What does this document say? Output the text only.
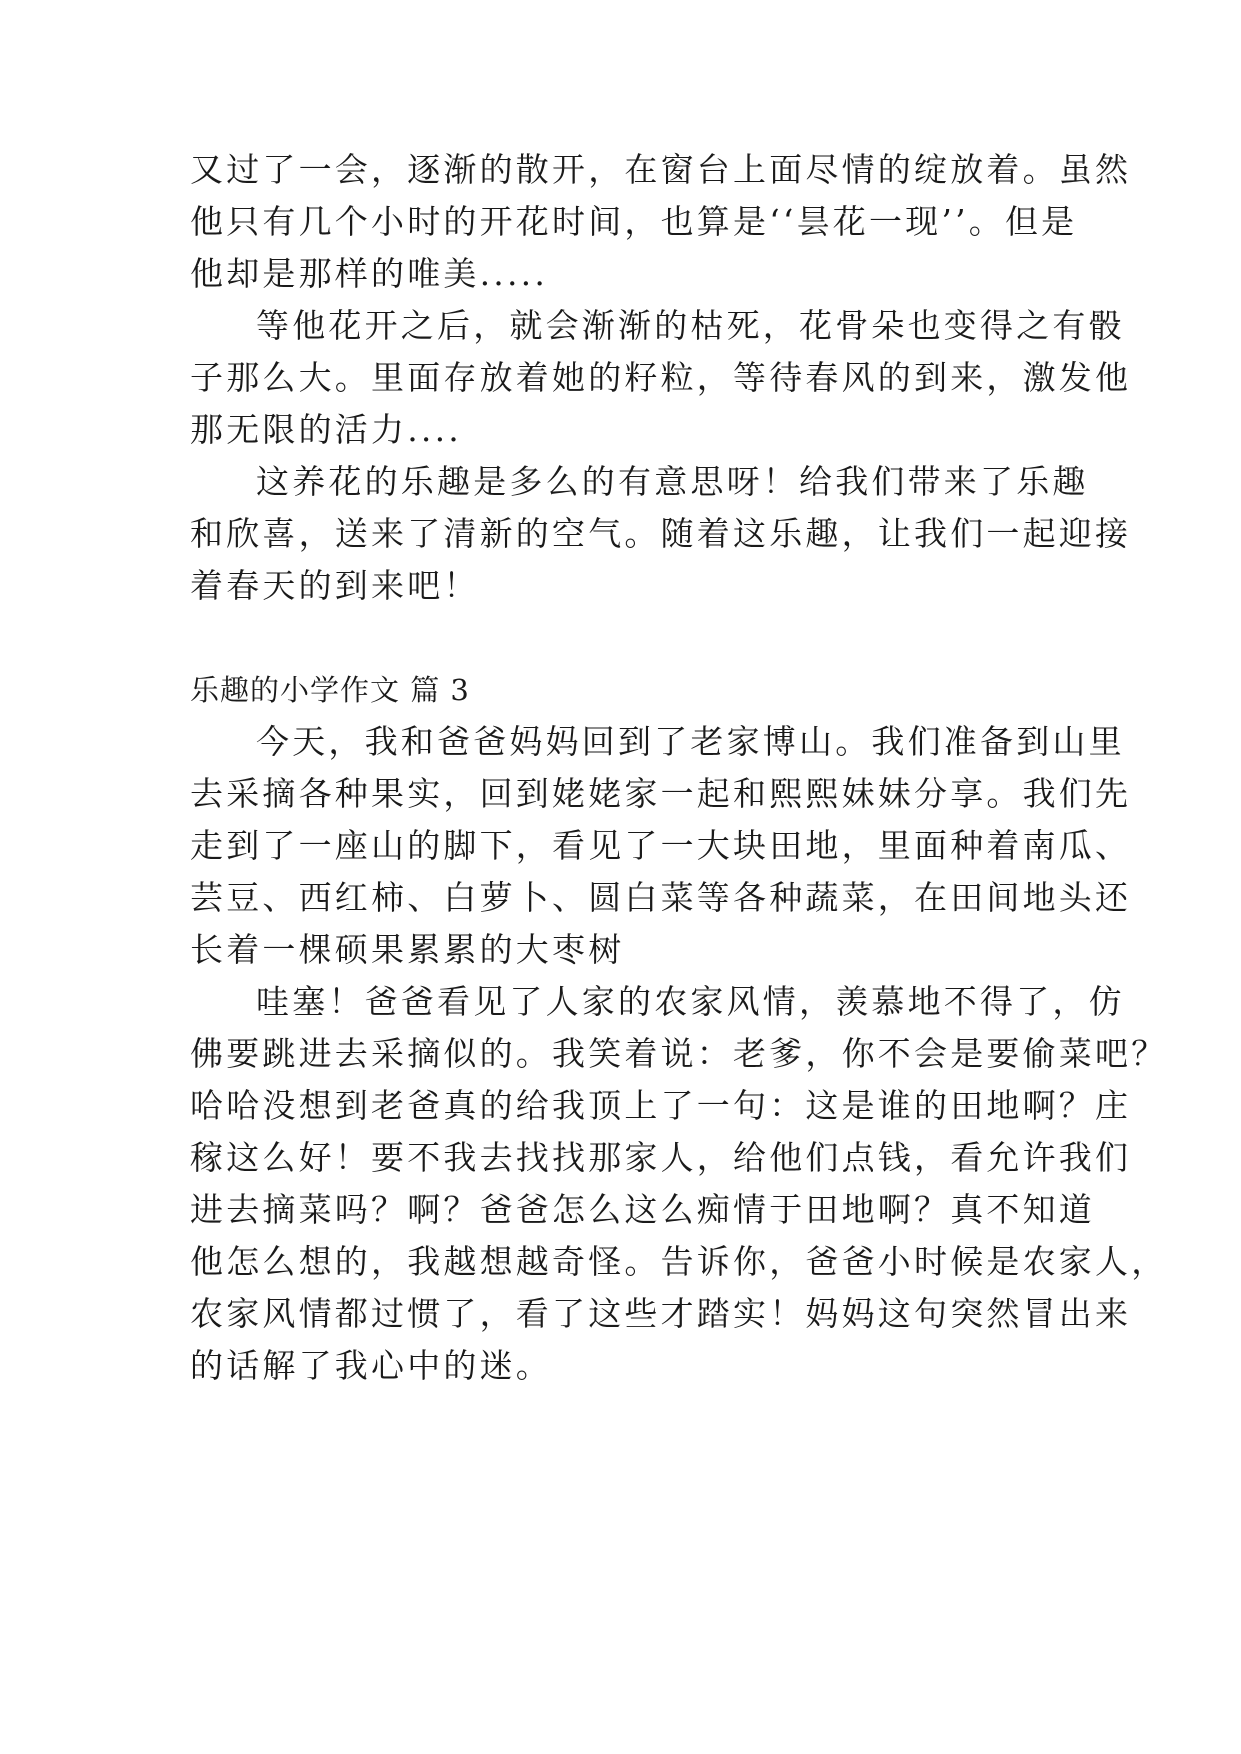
又过了一会，逐渐的散开，在窗台上面尽情的绽放着。虽然
他只有几个小时的开花时间，也算是‘‘昙花一现’’。但是
他却是那样的唯美.....
等他花开之后，就会渐渐的枯死，花骨朵也变得之有骰
子那么大。里面存放着她的籽粒，等待春风的到来，激发他
那无限的活力....
这养花的乐趣是多么的有意思呀！给我们带来了乐趣
和欣喜，送来了清新的空气。随着这乐趣，让我们一起迎接
着春天的到来吧！
乐趣的小学作文 篇 3
今天，我和爸爸妈妈回到了老家博山。我们准备到山里
去采摘各种果实，回到姥姥家一起和熙熙妹妹分享。我们先
走到了一座山的脚下，看见了一大块田地，里面种着南瓜、
芸豆、西红柿、白萝卜、圆白菜等各种蔬菜，在田间地头还
长着一棵硕果累累的大枣树
哇塞！爸爸看见了人家的农家风情，羡慕地不得了，仿
佛要跳进去采摘似的。我笑着说：老爹，你不会是要偷菜吧？
哈哈没想到老爸真的给我顶上了一句：这是谁的田地啊？庄
稼这么好！要不我去找找那家人，给他们点钱，看允许我们
进去摘菜吗？啊？爸爸怎么这么痴情于田地啊？真不知道
他怎么想的，我越想越奇怪。告诉你，爸爸小时候是农家人，
农家风情都过惯了，看了这些才踏实！妈妈这句突然冒出来
的话解了我心中的迷。
